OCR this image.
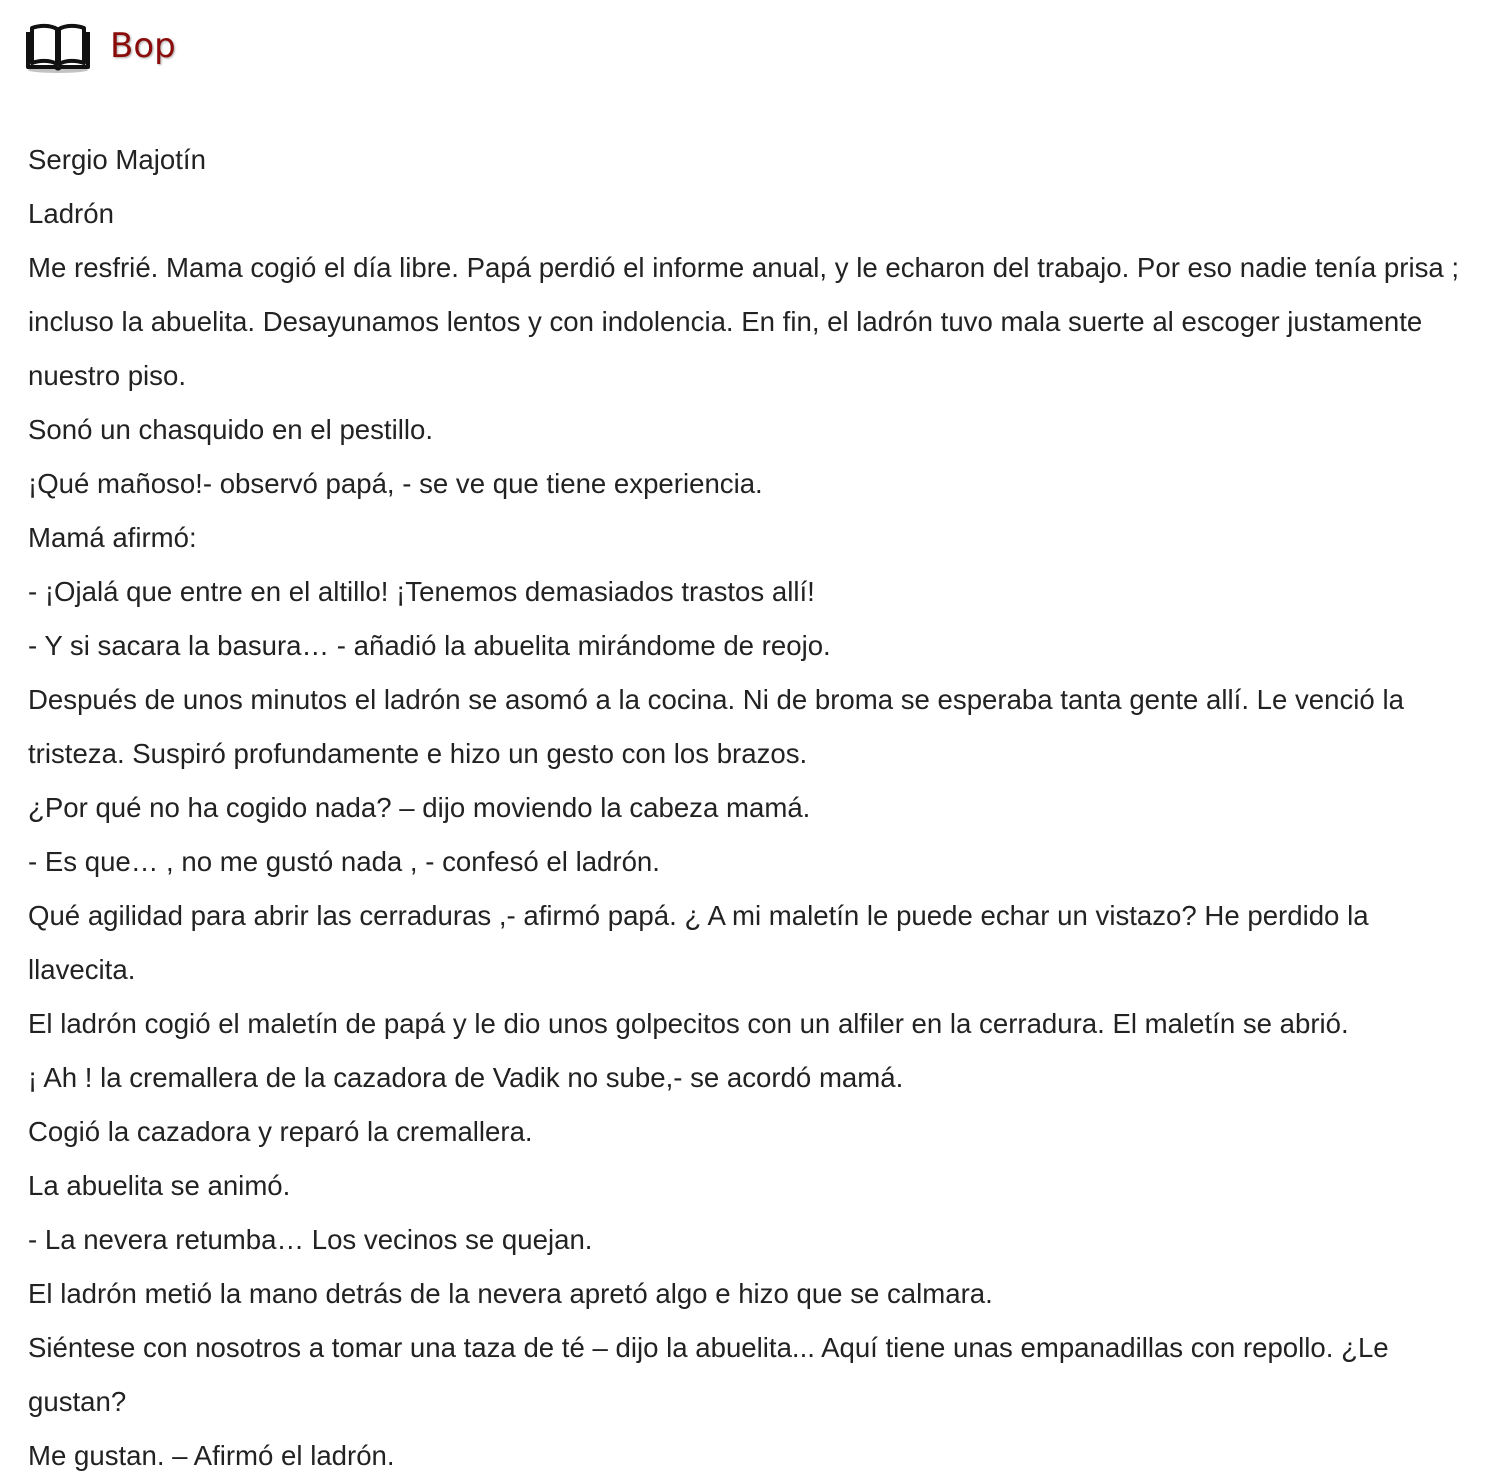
Bop

Sergio Majotín

Ladrón

Me resfrié. Mama cogió el día libre. Papá perdió el informe anual, y le echaron del trabajo. Por eso nadie tenía prisa ; incluso la abuelita. Desayunamos lentos y con indolencia. En fin, el ladrón tuvo mala suerte al escoger justamente nuestro piso.

Sonó un chasquido en el pestillo.

¡Qué mañoso!- observó papá, - se ve que tiene experiencia.

Mamá afirmó:

- ¡Ojalá que entre en el altillo! ¡Tenemos demasiados trastos allí!

- Y si sacara la basura… - añadió la abuelita mirándome de reojo.

Después de unos minutos el ladrón se asomó a la cocina. Ni de broma se esperaba tanta gente allí. Le venció la tristeza. Suspiró profundamente e hizo un gesto con los brazos.

¿Por qué no ha cogido nada? – dijo moviendo la cabeza mamá.

- Es que… , no me gustó nada , - confesó el ladrón.

Qué agilidad para abrir las cerraduras ,- afirmó papá. ¿ A mi maletín le puede echar un vistazo? He perdido la llavecita.

El ladrón cogió el maletín de papá y le dio unos golpecitos con un alfiler en la cerradura. El maletín se abrió.

¡ Ah ! la cremallera de la cazadora de Vadik no sube,- se acordó mamá.

Cogió la cazadora y reparó la cremallera.

La abuelita se animó.

- La nevera retumba… Los vecinos se quejan.

El ladrón metió la mano detrás de la nevera apretó algo e hizo que se calmara.

Siéntese con nosotros a tomar una taza de té – dijo la abuelita... Aquí tiene unas empanadillas con repollo. ¿Le gustan?

Me gustan. – Afirmó el ladrón.
